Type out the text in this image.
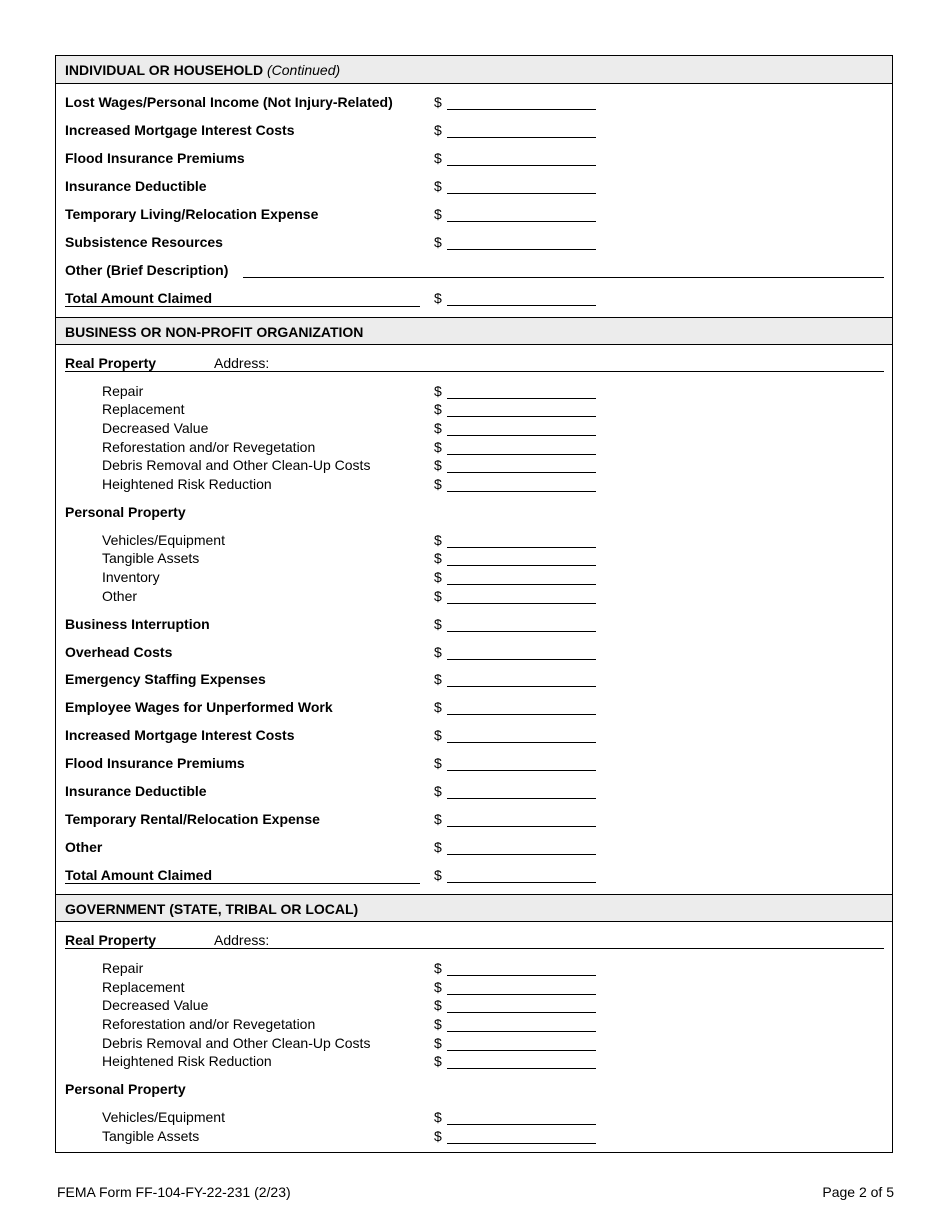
INDIVIDUAL OR HOUSEHOLD (Continued)
Lost Wages/Personal Income (Not Injury-Related)	$
Increased Mortgage Interest Costs	$
Flood Insurance Premiums	$
Insurance Deductible	$
Temporary Living/Relocation Expense	$
Subsistence Resources	$
Other (Brief Description)
Total Amount Claimed	$
BUSINESS OR NON-PROFIT ORGANIZATION
Real Property	Address:
Repair	$
Replacement	$
Decreased Value	$
Reforestation and/or Revegetation	$
Debris Removal and Other Clean-Up Costs	$
Heightened Risk Reduction	$
Personal Property
Vehicles/Equipment	$
Tangible Assets	$
Inventory	$
Other	$
Business Interruption	$
Overhead Costs	$
Emergency Staffing Expenses	$
Employee Wages for Unperformed Work	$
Increased Mortgage Interest Costs	$
Flood Insurance Premiums	$
Insurance Deductible	$
Temporary Rental/Relocation Expense	$
Other	$
Total Amount Claimed	$
GOVERNMENT (STATE, TRIBAL OR LOCAL)
Real Property	Address:
Repair	$
Replacement	$
Decreased Value	$
Reforestation and/or Revegetation	$
Debris Removal and Other Clean-Up Costs	$
Heightened Risk Reduction	$
Personal Property
Vehicles/Equipment	$
Tangible Assets	$
FEMA Form FF-104-FY-22-231 (2/23)	Page 2 of 5
